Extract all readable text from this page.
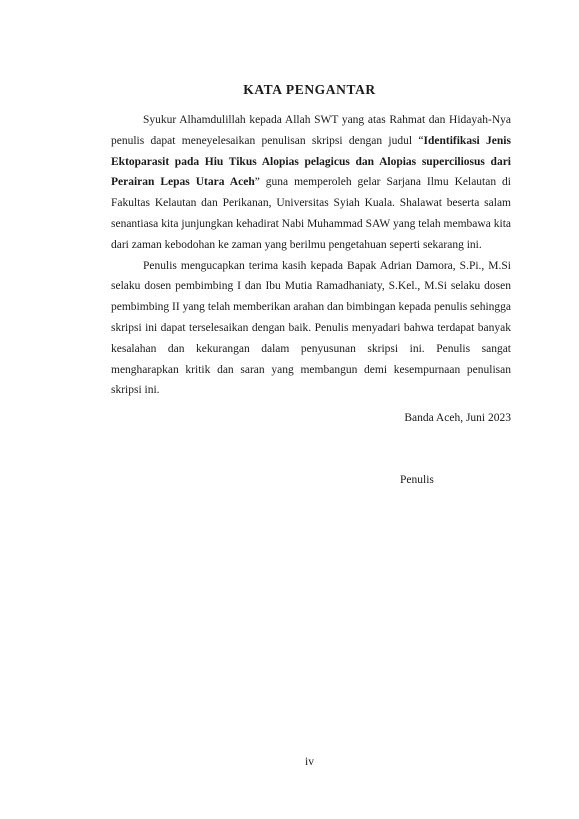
KATA PENGANTAR

Syukur Alhamdulillah kepada Allah SWT yang atas Rahmat dan Hidayah-Nya penulis dapat meneyelesaikan penulisan skripsi dengan judul “Identifikasi Jenis Ektoparasit pada Hiu Tikus Alopias pelagicus dan Alopias superciliosus dari Perairan Lepas Utara Aceh” guna memperoleh gelar Sarjana Ilmu Kelautan di Fakultas Kelautan dan Perikanan, Universitas Syiah Kuala. Shalawat beserta salam senantiasa kita junjungkan kehadirat Nabi Muhammad SAW yang telah membawa kita dari zaman kebodohan ke zaman yang berilmu pengetahuan seperti sekarang ini.

Penulis mengucapkan terima kasih kepada Bapak Adrian Damora, S.Pi., M.Si selaku dosen pembimbing I dan Ibu Mutia Ramadhaniaty, S.Kel., M.Si selaku dosen pembimbing II yang telah memberikan arahan dan bimbingan kepada penulis sehingga skripsi ini dapat terselesaikan dengan baik. Penulis menyadari bahwa terdapat banyak kesalahan dan kekurangan dalam penyusunan skripsi ini. Penulis sangat mengharapkan kritik dan saran yang membangun demi kesempurnaan penulisan skripsi ini.

Banda Aceh, Juni 2023
Penulis
iv
